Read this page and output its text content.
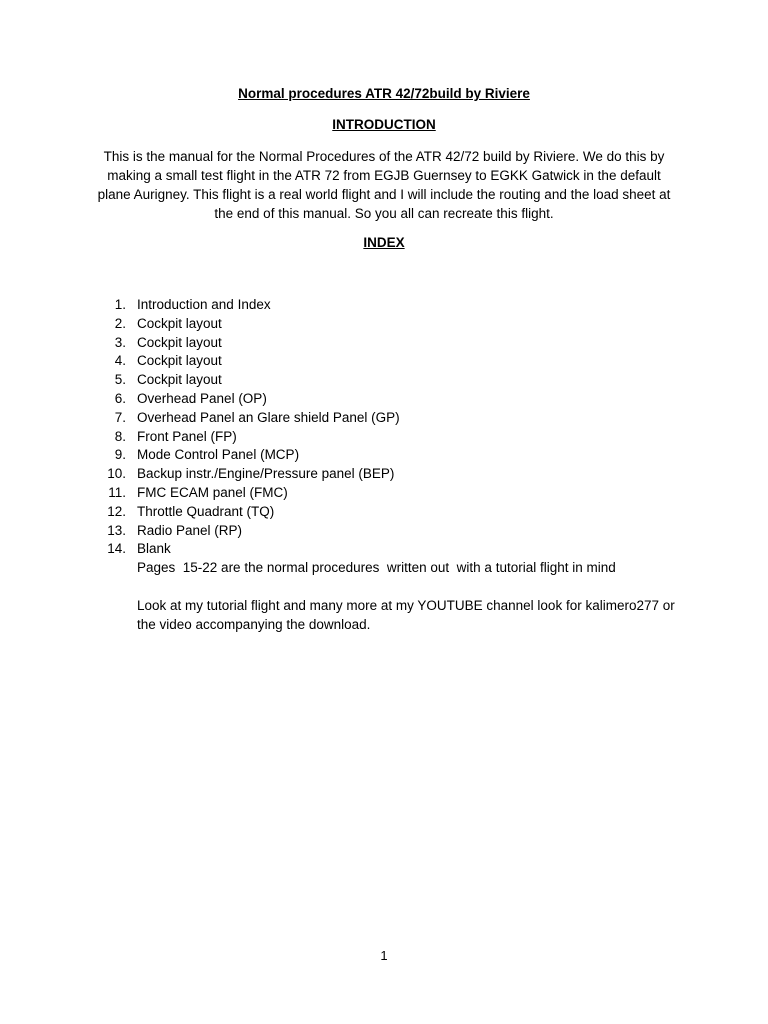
Normal procedures ATR 42/72build by Riviere
INTRODUCTION
This is the manual for the Normal Procedures of the ATR 42/72 build by Riviere. We do this by making a small test flight in the ATR 72 from EGJB Guernsey to EGKK Gatwick in the default plane Aurigney. This flight is a real world flight and I will include the routing and the load sheet at the end of this manual. So you all can recreate this flight.
INDEX
1. Introduction and Index
2. Cockpit layout
3. Cockpit layout
4. Cockpit layout
5. Cockpit layout
6. Overhead Panel (OP)
7. Overhead Panel an Glare shield Panel (GP)
8. Front Panel (FP)
9. Mode Control Panel (MCP)
10. Backup instr./Engine/Pressure panel (BEP)
11. FMC ECAM panel (FMC)
12. Throttle Quadrant (TQ)
13. Radio Panel (RP)
14. Blank
Pages  15-22 are the normal procedures  written out  with a tutorial flight in mind
Look at my tutorial flight and many more at my YOUTUBE channel look for kalimero277 or the video accompanying the download.
1
